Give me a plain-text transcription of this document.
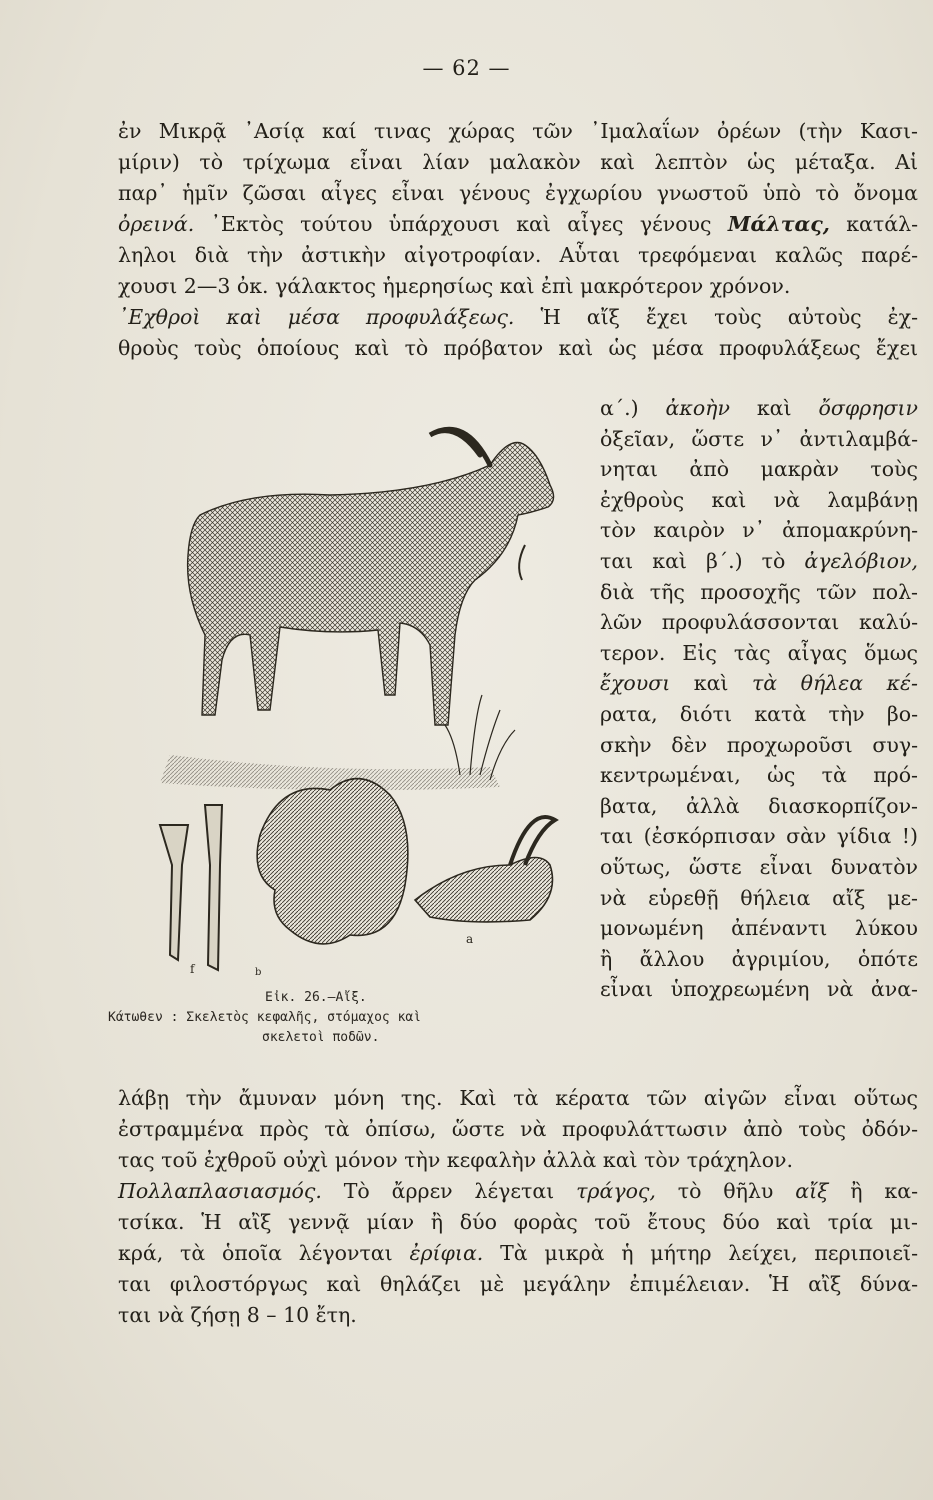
— 62 —
ἐν Μικρᾷ ᾽Ασίᾳ καί τινας χώρας τῶν ᾽Ιμαλαΐων ὀρέων (τὴν Κασι-
μίριν) τὸ τρίχωμα εἶναι λίαν μαλακὸν καὶ λεπτὸν ὡς μέταξα. Αἱ
παρ᾽ ἡμῖν ζῶσαι αἶγες εἶναι γένους ἐγχωρίου γνωστοῦ ὑπὸ τὸ ὄνομα
ὀρεινά. ᾽Εκτὸς τούτου ὑπάρχουσι καὶ αἶγες γένους Μάλτας, κατάλ-
ληλοι διὰ τὴν ἀστικὴν αἰγοτροφίαν. Αὗται τρεφόμεναι καλῶς παρέ-
χουσι 2—3 ὀκ. γάλακτος ἡμερησίως καὶ ἐπὶ μακρότερον χρόνον.
᾽Εχθροὶ καὶ μέσα προφυλάξεως. Ἡ αἴξ ἔχει τοὺς αὐτοὺς ἐχ-
θροὺς τοὺς ὁποίους καὶ τὸ πρόβατον καὶ ὡς μέσα προφυλάξεως ἔχει
α΄.) ἀκοὴν καὶ ὄσφρησιν
ὀξεῖαν, ὥστε ν᾽ ἀντιλαμβά-
νηται ἀπὸ μακρὰν τοὺς
ἐχθροὺς καὶ νὰ λαμβάνῃ
τὸν καιρὸν ν᾽ ἀπομακρύνη-
ται καὶ β΄.) τὸ ἀγελόβιον,
διὰ τῆς προσοχῆς τῶν πολ-
λῶν προφυλάσσονται καλύ-
τερον. Εἰς τὰς αἶγας ὅμως
ἔχουσι καὶ τὰ θήλεα κέ-
ρατα, διότι κατὰ τὴν βο-
σκὴν δὲν προχωροῦσι συγ-
κεντρωμέναι, ὡς τὰ πρό-
βατα, ἀλλὰ διασκορπίζον-
ται (ἐσκόρπισαν σὰν γίδια !)
οὕτως, ὥστε εἶναι δυνατὸν
νὰ εὑρεθῇ θήλεια αἴξ με-
μονωμένη ἀπέναντι λύκου
ἢ ἄλλου ἀγριμίου, ὁπότε
εἶναι ὑποχρεωμένη νὰ ἀνα-
a
f	b
Εἰκ. 26.—Αἴξ.
Κάτωθεν : Σκελετὸς κεφαλῆς, στόμαχος καὶ
σκελετοὶ ποδῶν.
λάβῃ τὴν ἄμυναν μόνη της. Καὶ τὰ κέρατα τῶν αἰγῶν εἶναι οὕτως
ἐστραμμένα πρὸς τὰ ὀπίσω, ὥστε νὰ προφυλάττωσιν ἀπὸ τοὺς ὀδόν-
τας τοῦ ἐχθροῦ οὐχὶ μόνον τὴν κεφαλὴν ἀλλὰ καὶ τὸν τράχηλον.
Πολλαπλασιασμός. Τὸ ἄρρεν λέγεται τράγος, τὸ θῆλυ αἴξ ἢ κα-
τσίκα. Ἡ αἲξ γεννᾷ μίαν ἢ δύο φορὰς τοῦ ἔτους δύο καὶ τρία μι-
κρά, τὰ ὁποῖα λέγονται ἐρίφια. Τὰ μικρὰ ἡ μήτηρ λείχει, περιποιεῖ-
ται φιλοστόργως καὶ θηλάζει μὲ μεγάλην ἐπιμέλειαν. Ἡ αἲξ δύνα-
ται νὰ ζήσῃ 8 – 10 ἔτη.
